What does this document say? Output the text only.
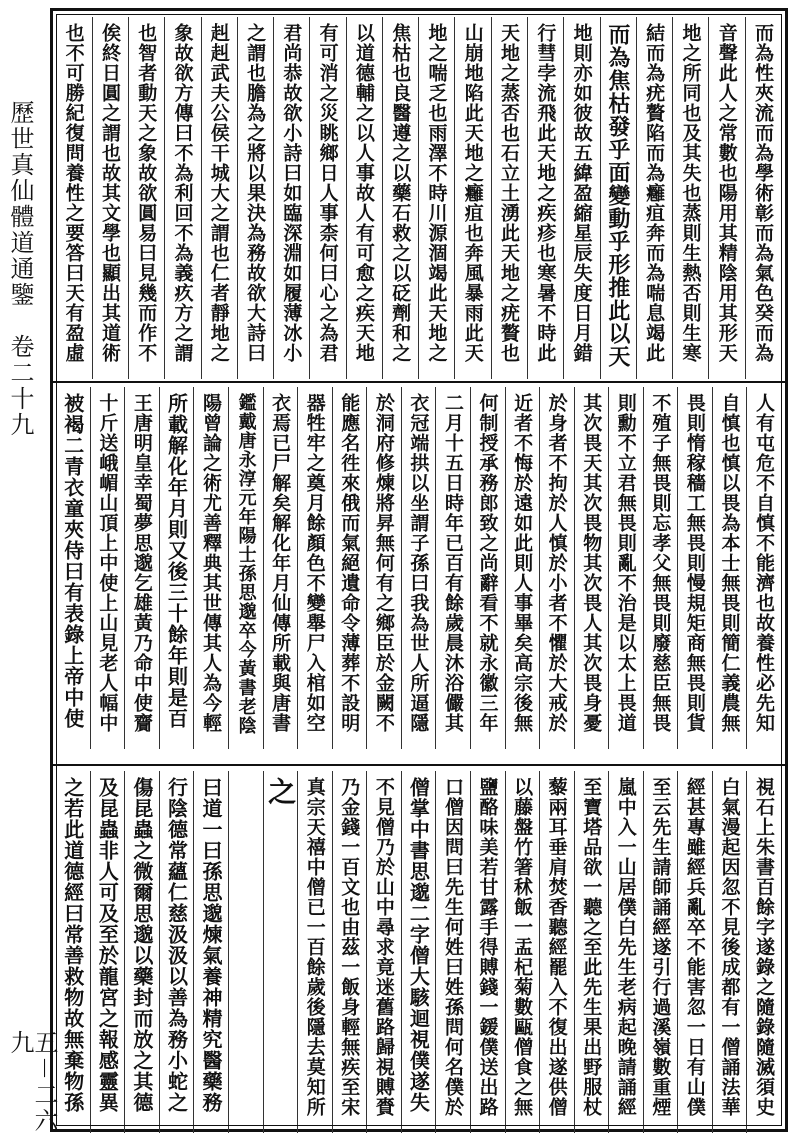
歷世真仙體道通鑒　卷二十九
五－二六九
而為性夾流而為學術彰而為氣色癸而為
音聲此人之常數也陽用其精陰用其形天
地之所同也及其失也蒸則生熱否則生寒
結而為疣贅陷而為癰疽奔而為喘息竭此
而為焦枯發乎面變動乎形推此以天
地則亦如彼故五緯盈縮星辰失度日月錯
行彗孛流飛此天地之疾疹也寒暑不時此
天地之蒸否也石立土湧此天地之疣贅也
山崩地陷此天地之癰疽也奔風暴雨此天
地之喘乏也雨澤不時川源涸竭此天地之
焦枯也良醫遵之以藥石救之以砭劑和之
以道德輔之以人事故人有可愈之疾天地
有可消之災眺鄉日人事柰何曰心之為君
君尚恭故欲小詩曰如臨深淵如履薄冰小
之謂也膽為之將以果決為務故欲大詩曰
赳赳武夫公侯干城大之謂也仁者靜地之
象故欲方傳曰不為利回不為義疚方之謂
也智者動天之象故欲圓易曰見幾而作不
俟終日圓之謂也故其文學也顯出其道術
也不可勝紀復問養性之要答曰天有盈虛
人有屯危不自慎不能濟也故養性必先知
自慎也慎以畏為本士無畏則簡仁義農無
畏則惰稼穡工無畏則慢規矩商無畏則貨
不殖子無畏則忘孝父無畏則廢慈臣無畏
則勳不立君無畏則亂不治是以太上畏道
其次畏天其次畏物其次畏人其次畏身憂
於身者不拘於人慎於小者不懼於大戒於
近者不悔於遠如此則人事畢矣高宗後無
何制授承務郎致之尚辭看不就永徽三年
二月十五日時年已百有餘歲晨沐浴儼其
衣冠端拱以坐謂子孫曰我為世人所逼隱
於洞府修煉將昇無何有之鄉臣於金闕不
能應名徃來俄而氣絕遺命令薄葬不設明
器牲牢之奠月餘顏色不變舉尸入棺如空
衣焉已尸解矣解化年月仙傳所載與唐書
鑑戴唐永淳元年陽士孫思邈卒今黃書老陰
陽曾論之術尤善釋典其世傳其人為今輕
所載解化年月則又後三十餘年則是百
王唐明皇幸蜀夢思邈乞雄黃乃命中使齎
十斤送峨嵋山頂上中使上山見老人幅中
被褐二青衣童夾侍曰有表錄上帝中使
視石上朱書百餘字遂錄之隨錄隨滅須史
白氣漫起因忽不見後成都有一僧誦法華
經甚專雖經兵亂卒不能害忽一日有山僕
至云先生請師誦經遂引行過溪嶺數重煙
嵐中入一山居僕白先生老病起晚請誦經
至寶塔品欲一聽之至此先生果出野服杖
藜兩耳垂肩焚香聽經罷入不復出遂供僧
以藤盤竹箸秫飯一盂杞菊數甌僧食之無
鹽酪味美若甘露手得賻錢一鍰僕送出路
口僧因問曰先生何姓曰姓孫問何名僕於
僧掌中書思邈二字僧大駭迴視僕遂失
不見僧乃於山中尋求竟迷舊路歸視賻賚
乃金錢一百文也由茲一飯身輕無疾至宋
真宗天禧中僧已一百餘歲後隱去莫知所
之
曰道一曰孫思邈煉氣養神精究醫藥務
行陰德常蘊仁慈汲汲以善為務小蛇之
傷昆蟲之微爾思邈以藥封而放之其德
及昆蟲非人可及至於龍宮之報感靈異
之若此道德經曰常善救物故無棄物孫
